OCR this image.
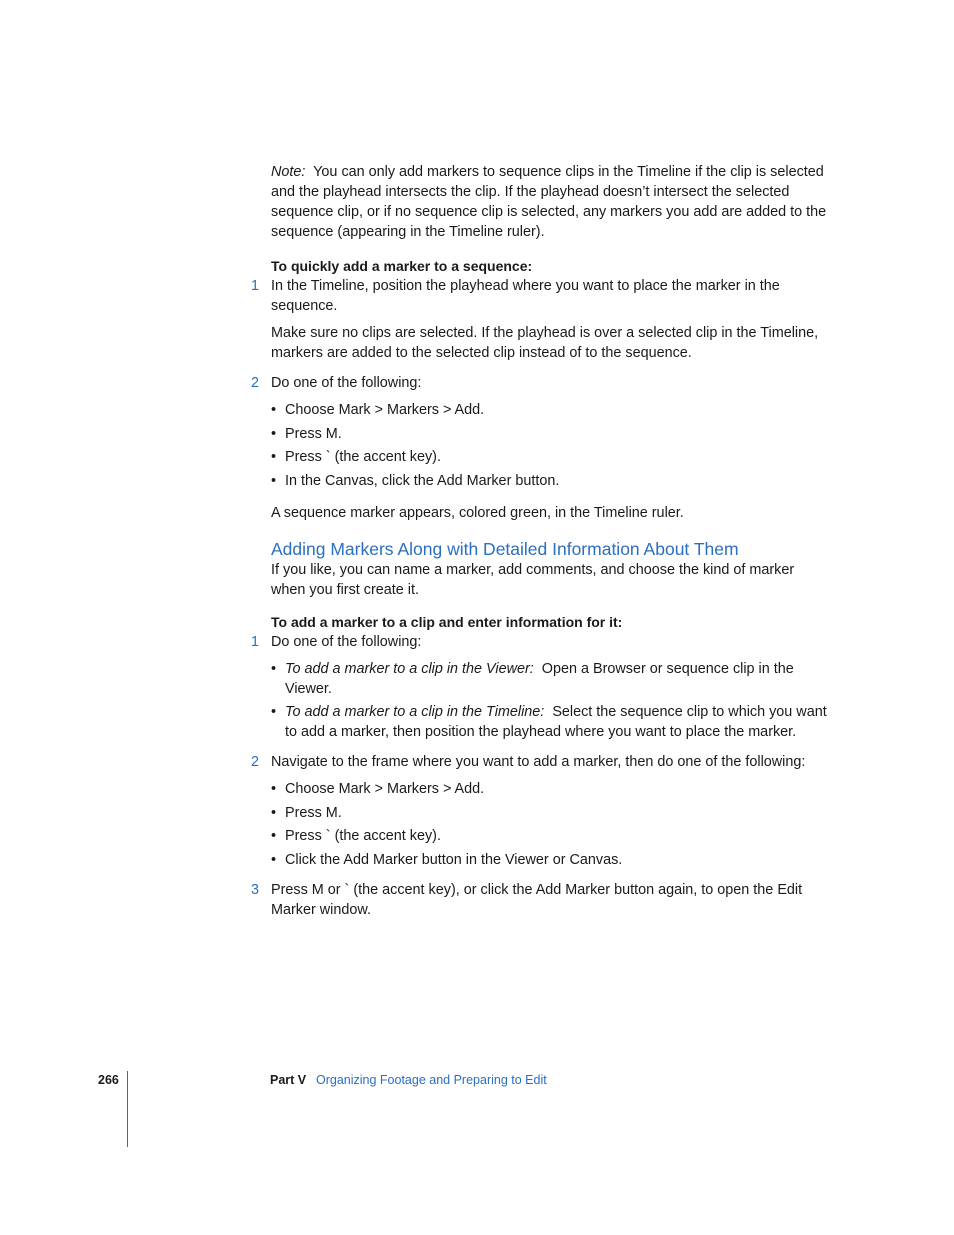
Note: You can only add markers to sequence clips in the Timeline if the clip is selected and the playhead intersects the clip. If the playhead doesn’t intersect the selected sequence clip, or if no sequence clip is selected, any markers you add are added to the sequence (appearing in the Timeline ruler).

To quickly add a marker to a sequence:

1 In the Timeline, position the playhead where you want to place the marker in the sequence.

Make sure no clips are selected. If the playhead is over a selected clip in the Timeline, markers are added to the selected clip instead of to the sequence.

2 Do one of the following:

• Choose Mark > Markers > Add.
• Press M.
• Press ` (the accent key).
• In the Canvas, click the Add Marker button.

A sequence marker appears, colored green, in the Timeline ruler.

Adding Markers Along with Detailed Information About Them

If you like, you can name a marker, add comments, and choose the kind of marker when you first create it.

To add a marker to a clip and enter information for it:

1 Do one of the following:

• To add a marker to a clip in the Viewer: Open a Browser or sequence clip in the Viewer.
• To add a marker to a clip in the Timeline: Select the sequence clip to which you want to add a marker, then position the playhead where you want to place the marker.
2 Navigate to the frame where you want to add a marker, then do one of the following:

• Choose Mark > Markers > Add.
• Press M.
• Press ` (the accent key).
• Click the Add Marker button in the Viewer or Canvas.
3 Press M or ` (the accent key), or click the Add Marker button again, to open the Edit Marker window.

266	Part V Organizing Footage and Preparing to Edit
